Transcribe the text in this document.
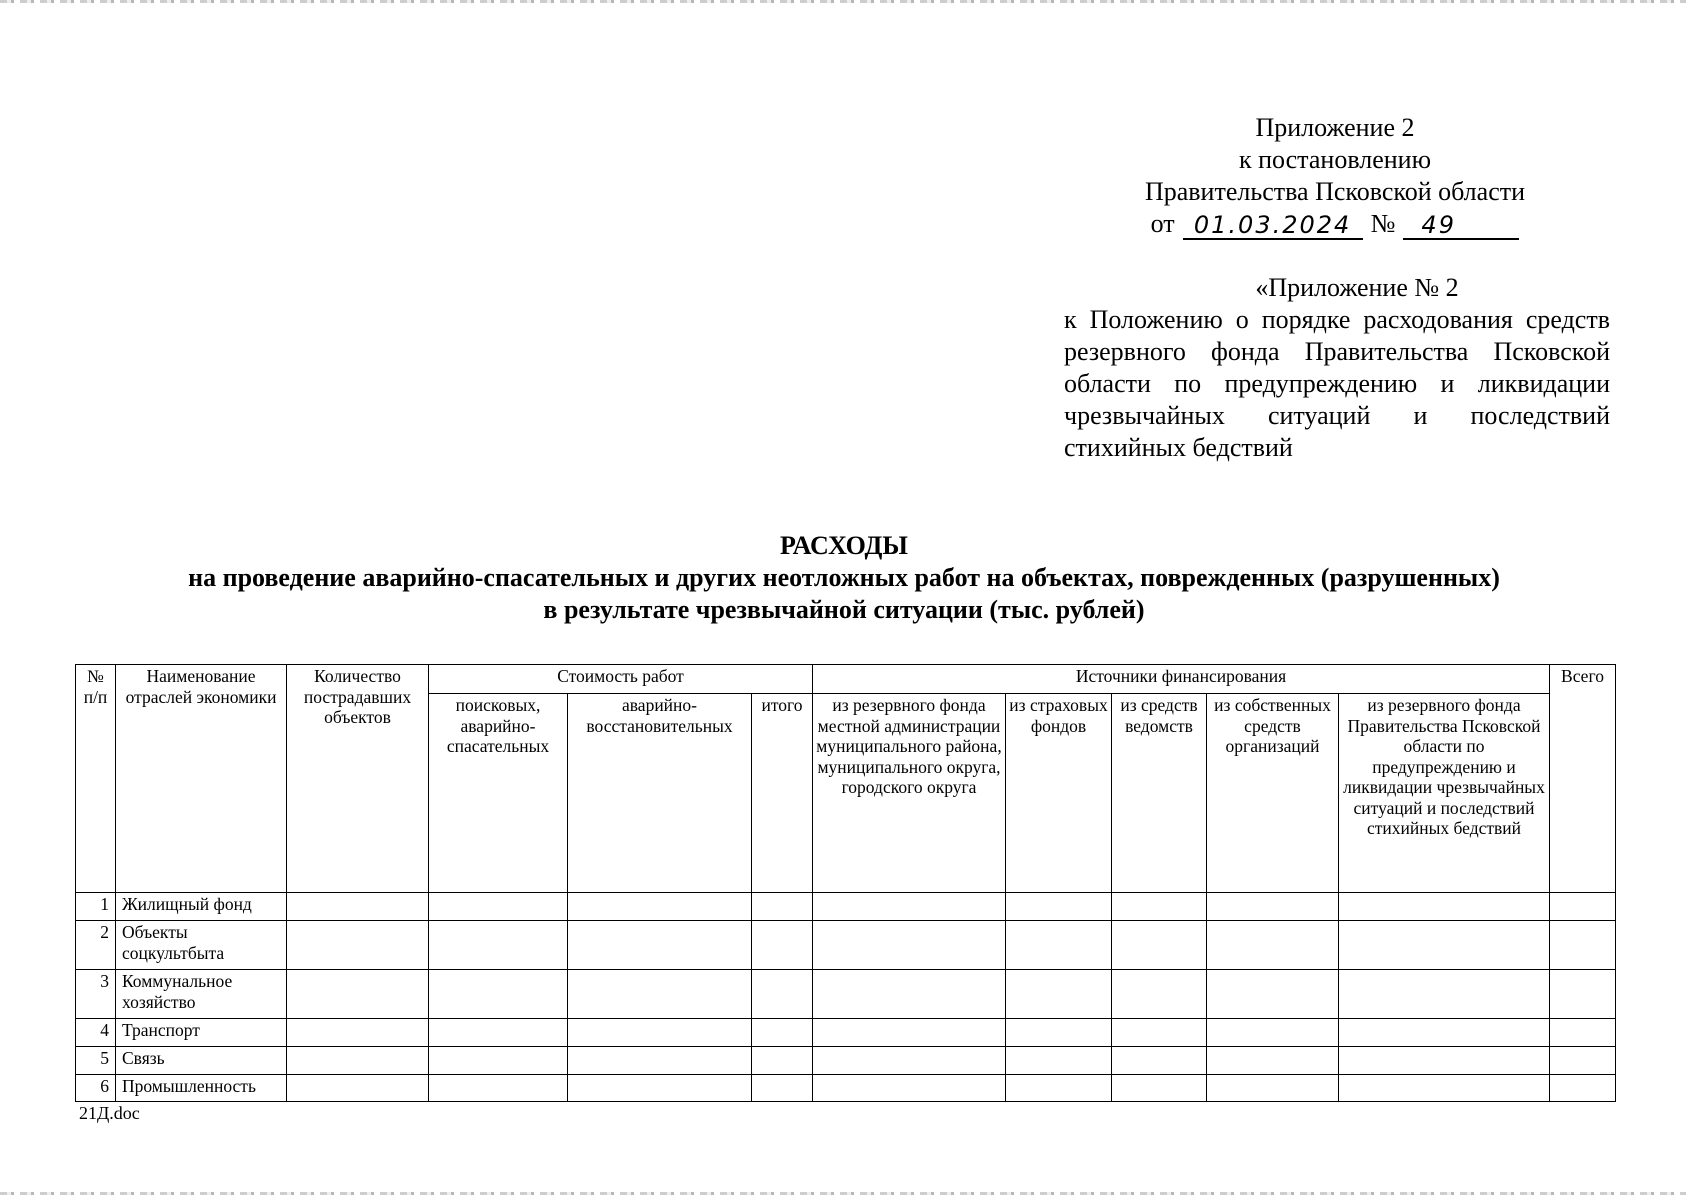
Приложение 2
к постановлению
Правительства Псковской области
от 01.03.2024 №	49
«Приложение № 2
к Положению о порядке расходования средств резервного фонда Правительства Псковской области по предупреждению и ликвидации чрезвычайных ситуаций и последствий стихийных бедствий
РАСХОДЫ
на проведение аварийно-спасательных и других неотложных работ на объектах, поврежденных (разрушенных)
в результате чрезвычайной ситуации (тыс. рублей)
№ п/п	Наименование отраслей экономики	Количество пострадавших объектов	Стоимость работ			Источники финансирования					Всего
			поисковых, аварийно-спасательных	аварийно-восстановительных	итого	из резервного фонда местной администрации муниципального района, муниципального округа, городского округа	из страховых фондов	из средств ведомств	из собственных средств организаций	из резервного фонда Правительства Псковской области по предупреждению и ликвидации чрезвычайных ситуаций и последствий стихийных бедствий	
1	Жилищный фонд										
2	Объекты соцкультбыта										
3	Коммунальное хозяйство										
4	Транспорт										
5	Связь										
6	Промышленность										
21Д.doc
